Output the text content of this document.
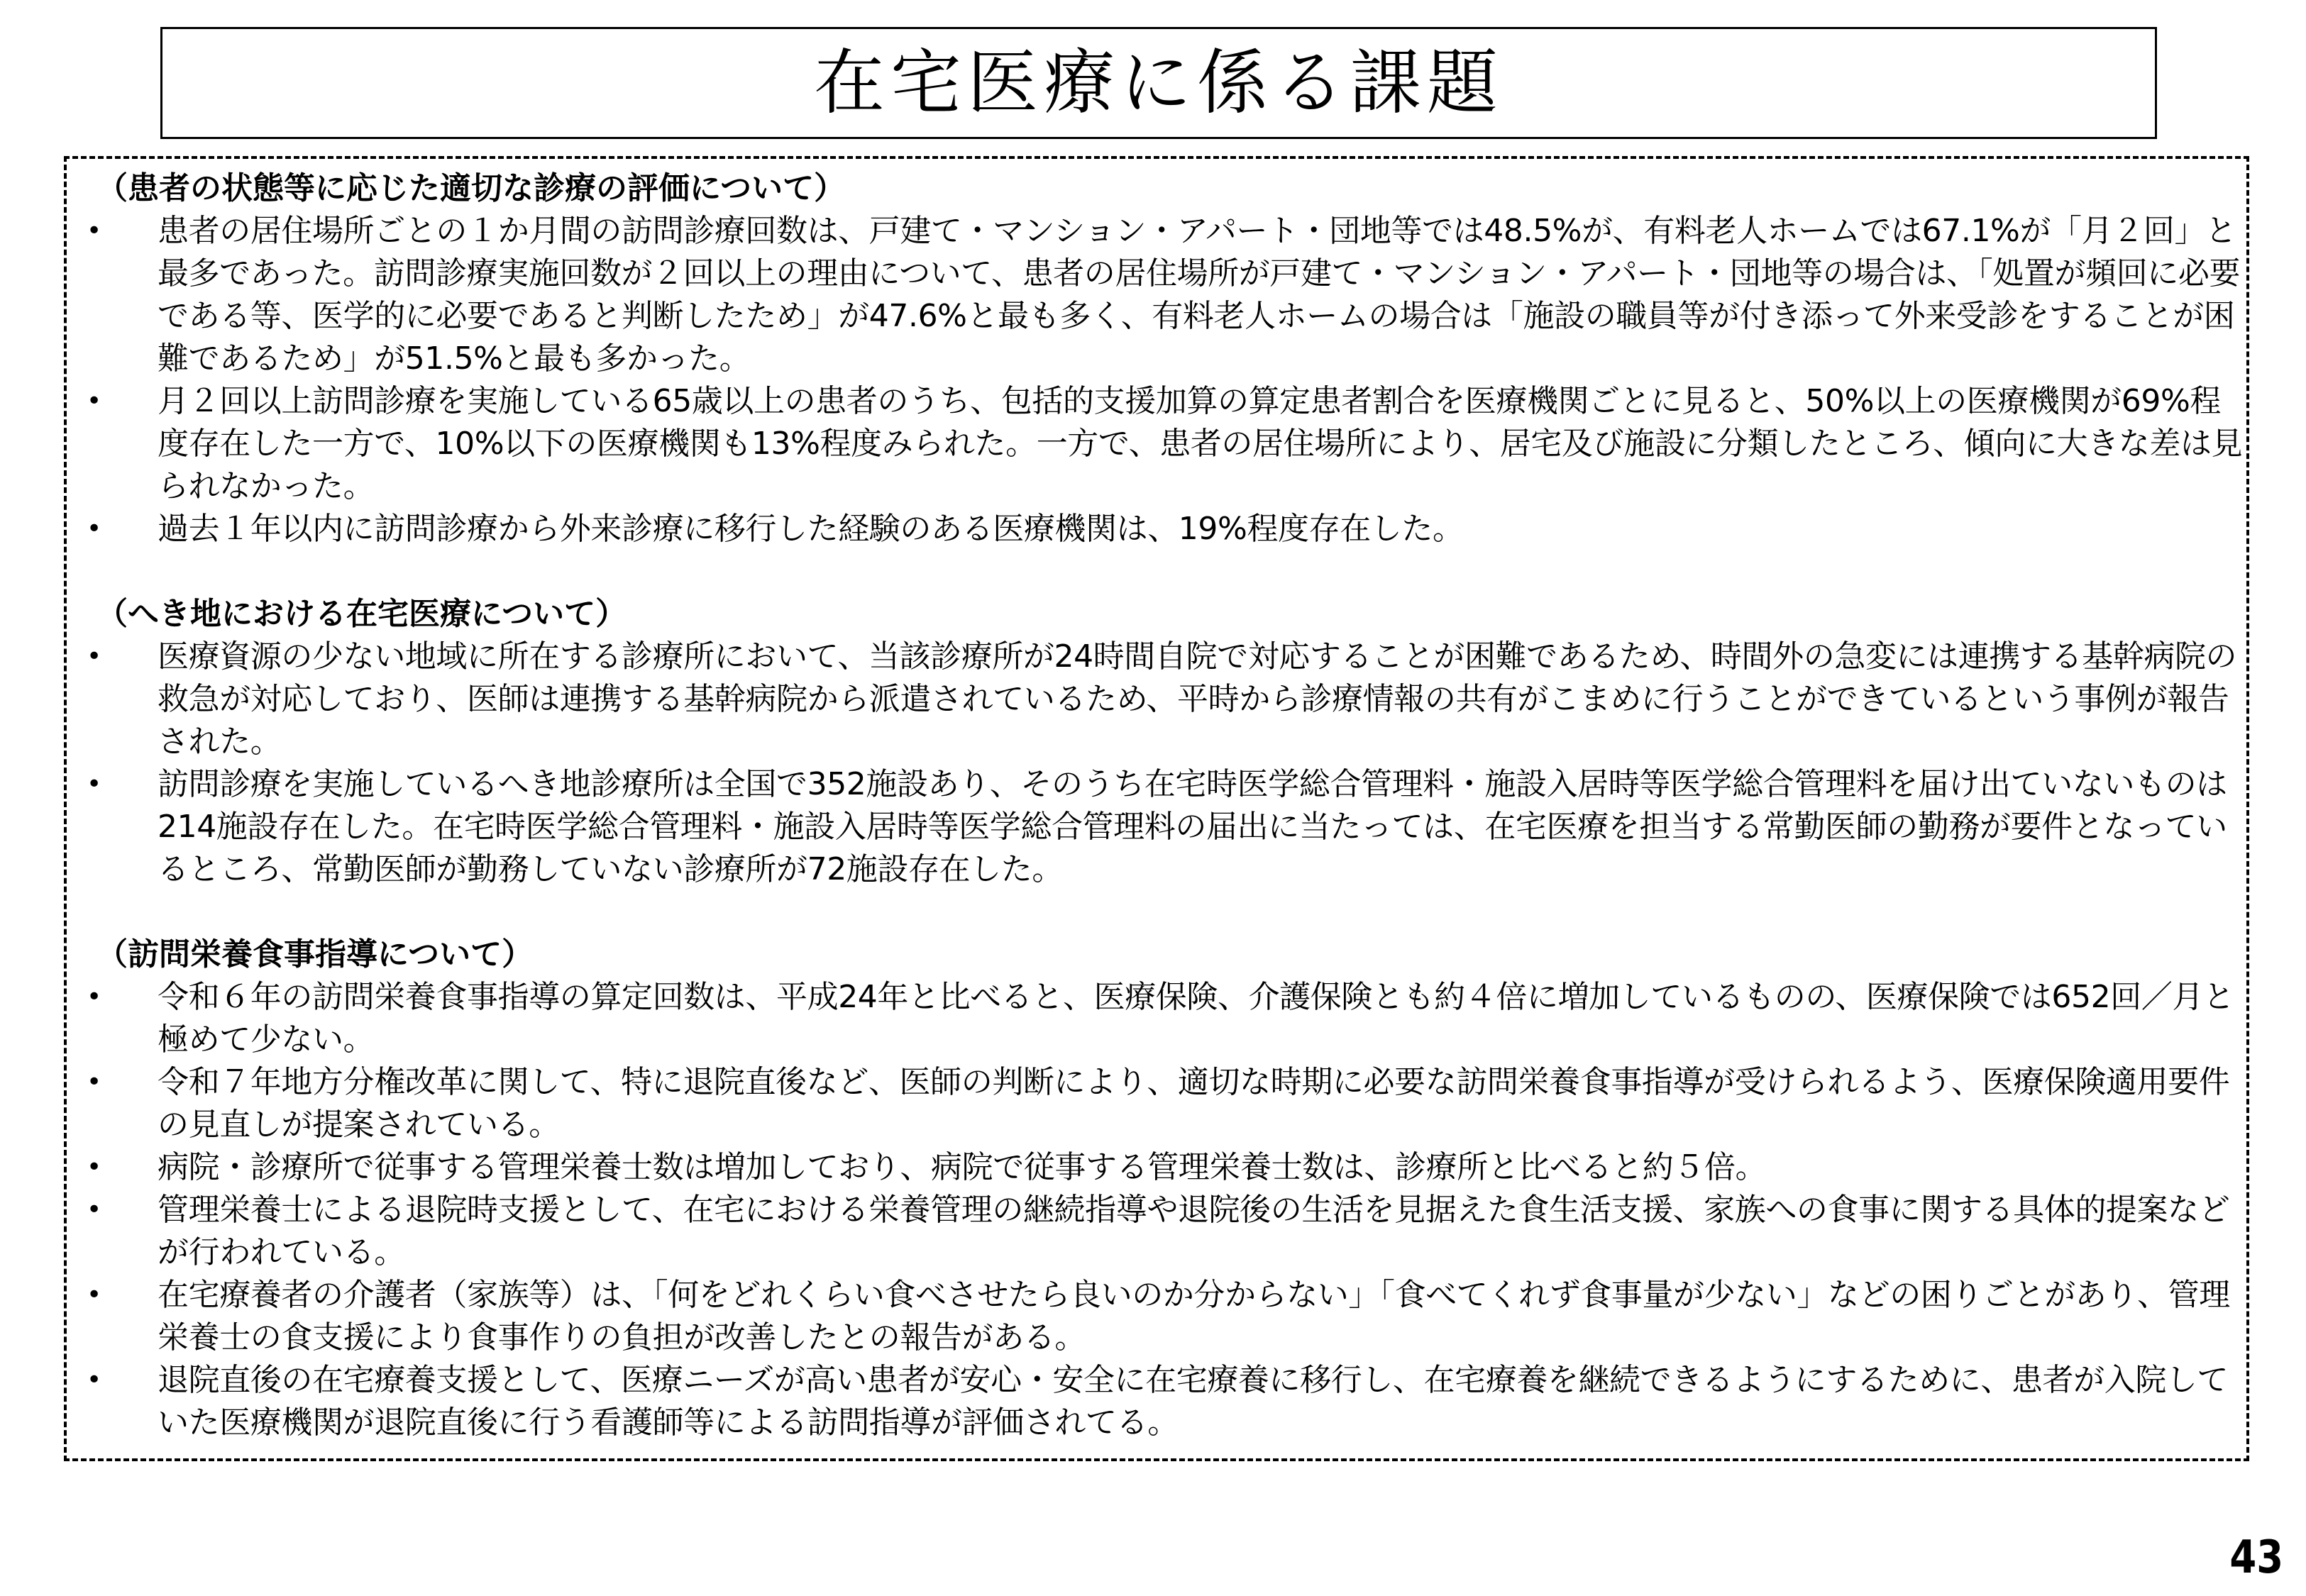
在宅医療に係る課題
（患者の状態等に応じた適切な診療の評価について）
•	患者の居住場所ごとの１か月間の訪問診療回数は、戸建て・マンション・アパート・団地等では48.5%が、有料老人ホームでは67.1%が「月２回」と最多であった。訪問診療実施回数が２回以上の理由について、患者の居住場所が戸建て・マンション・アパート・団地等の場合は、「処置が頻回に必要である等、医学的に必要であると判断したため」が47.6%と最も多く、有料老人ホームの場合は「施設の職員等が付き添って外来受診をすることが困難であるため」が51.5%と最も多かった。
•	月２回以上訪問診療を実施している65歳以上の患者のうち、包括的支援加算の算定患者割合を医療機関ごとに見ると、50%以上の医療機関が69%程度存在した一方で、10%以下の医療機関も13%程度みられた。一方で、患者の居住場所により、居宅及び施設に分類したところ、傾向に大きな差は見られなかった。
•	過去１年以内に訪問診療から外来診療に移行した経験のある医療機関は、19%程度存在した。
（へき地における在宅医療について）
•	医療資源の少ない地域に所在する診療所において、当該診療所が24時間自院で対応することが困難であるため、時間外の急変には連携する基幹病院の救急が対応しており、医師は連携する基幹病院から派遣されているため、平時から診療情報の共有がこまめに行うことができているという事例が報告された。
•	訪問診療を実施しているへき地診療所は全国で352施設あり、そのうち在宅時医学総合管理料・施設入居時等医学総合管理料を届け出ていないものは214施設存在した。在宅時医学総合管理料・施設入居時等医学総合管理料の届出に当たっては、在宅医療を担当する常勤医師の勤務が要件となっているところ、常勤医師が勤務していない診療所が72施設存在した。
（訪問栄養食事指導について）
•	令和６年の訪問栄養食事指導の算定回数は、平成24年と比べると、医療保険、介護保険とも約４倍に増加しているものの、医療保険では652回／月と極めて少ない。
•	令和７年地方分権改革に関して、特に退院直後など、医師の判断により、適切な時期に必要な訪問栄養食事指導が受けられるよう、医療保険適用要件の見直しが提案されている。
•	病院・診療所で従事する管理栄養士数は増加しており、病院で従事する管理栄養士数は、診療所と比べると約５倍。
•	管理栄養士による退院時支援として、在宅における栄養管理の継続指導や退院後の生活を見据えた食生活支援、家族への食事に関する具体的提案などが行われている。
•	在宅療養者の介護者（家族等）は、「何をどれくらい食べさせたら良いのか分からない」「食べてくれず食事量が少ない」などの困りごとがあり、管理栄養士の食支援により食事作りの負担が改善したとの報告がある。
•	退院直後の在宅療養支援として、医療ニーズが高い患者が安心・安全に在宅療養に移行し、在宅療養を継続できるようにするために、患者が入院していた医療機関が退院直後に行う看護師等による訪問指導が評価されてる。
43
